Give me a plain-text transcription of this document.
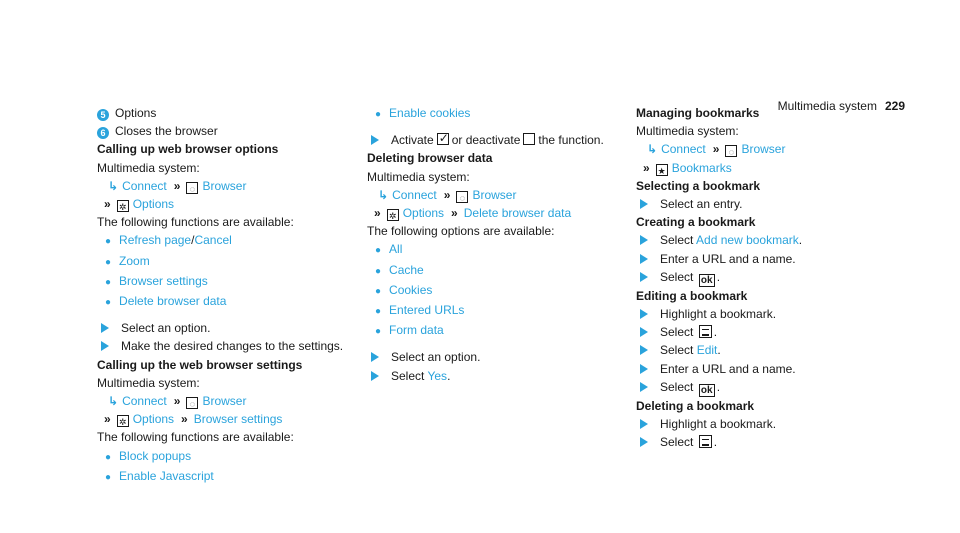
Multimedia system 229
5 Options
6 Closes the browser
Calling up web browser options
Multimedia system:
↳ Connect » ◌ Browser
» ✲ Options
The following functions are available:
● Refresh page/Cancel
● Zoom
● Browser settings
● Delete browser data
Select an option.
Make the desired changes to the settings.
Calling up the web browser settings
Multimedia system:
↳ Connect » ◌ Browser
» ✲ Options » Browser settings
The following functions are available:
● Block popups
● Enable Javascript
● Enable cookies
Activate✓ or deactivate the function.
Deleting browser data
Multimedia system:
↳ Connect » ◌ Browser
» ✲ Options » Delete browser data
The following options are available:
● All
● Cache
● Cookies
● Entered URLs
● Form data
Select an option.
Select Yes.
Managing bookmarks
Multimedia system:
↳ Connect » ◌ Browser
» ★ Bookmarks
Selecting a bookmark
Select an entry.
Creating a bookmark
Select Add new bookmark.
Enter a URL and a name.
Select ok .
Editing a bookmark
Highlight a bookmark.
Select .
Select Edit.
Enter a URL and a name.
Select ok .
Deleting a bookmark
Highlight a bookmark.
Select .
